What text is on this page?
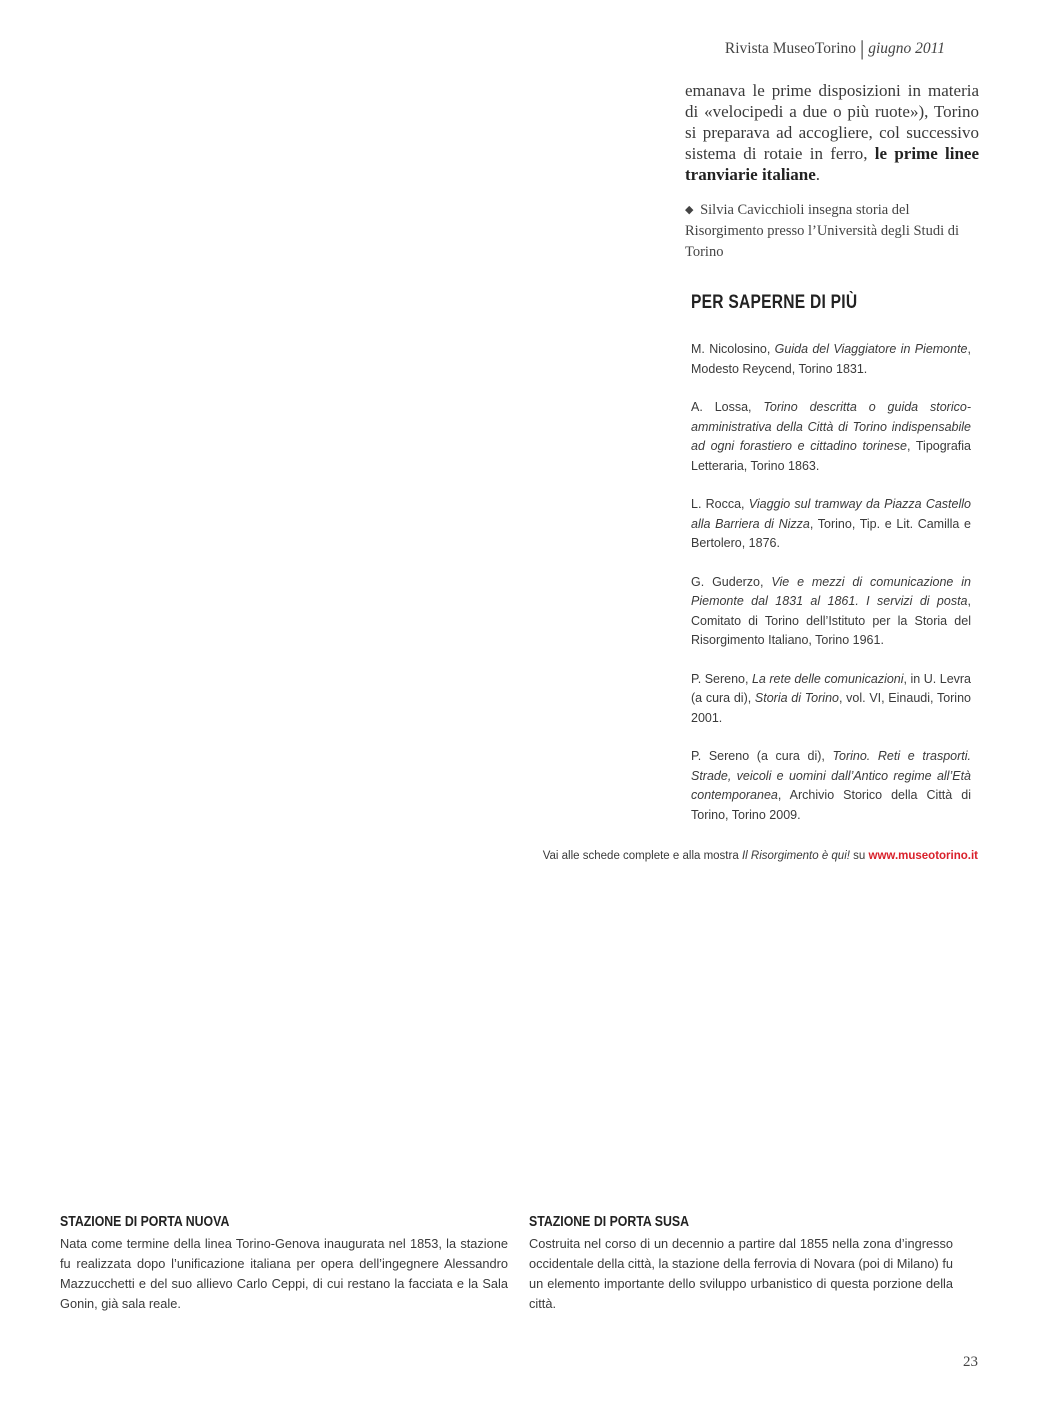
Rivista MuseoTorino | giugno 2011
emanava le prime disposizioni in materia di «velocipedi a due o più ruote»), Torino si preparava ad accogliere, col successivo sistema di rotaie in ferro, le prime linee tranviarie italiane.
◆ Silvia Cavicchioli insegna storia del Risorgimento presso l’Università degli Studi di Torino
PER SAPERNE DI PIÙ

M. Nicolosino, Guida del Viaggiatore in Piemonte, Modesto Reycend, Torino 1831.

A. Lossa, Torino descritta o guida storico-amministrativa della Città di Torino indispensabile ad ogni forastiero e cittadino torinese, Tipografia Letteraria, Torino 1863.

L. Rocca, Viaggio sul tramway da Piazza Castello alla Barriera di Nizza, Torino, Tip. e Lit. Camilla e Bertolero, 1876.

G. Guderzo, Vie e mezzi di comunicazione in Piemonte dal 1831 al 1861. I servizi di posta, Comitato di Torino dell’Istituto per la Storia del Risorgimento Italiano, Torino 1961.

P. Sereno, La rete delle comunicazioni, in U. Levra (a cura di), Storia di Torino, vol. VI, Einaudi, Torino 2001.

P. Sereno (a cura di), Torino. Reti e trasporti. Strade, veicoli e uomini dall’Antico regime all’Età contemporanea, Archivio Storico della Città di Torino, Torino 2009.

Vai alle schede complete e alla mostra Il Risorgimento è qui! su www.museotorino.it
STAZIONE DI PORTA NUOVA

Nata come termine della linea Torino-Genova inaugurata nel 1853, la stazione fu realizzata dopo l’unificazione italiana per opera dell’ingegnere Alessandro Mazzucchetti e del suo allievo Carlo Ceppi, di cui restano la facciata e la Sala Gonin, già sala reale.

STAZIONE DI PORTA SUSA

Costruita nel corso di un decennio a partire dal 1855 nella zona d’ingresso occidentale della città, la stazione della ferrovia di Novara (poi di Milano) fu un elemento importante dello sviluppo urbanistico di questa porzione della città.

23
